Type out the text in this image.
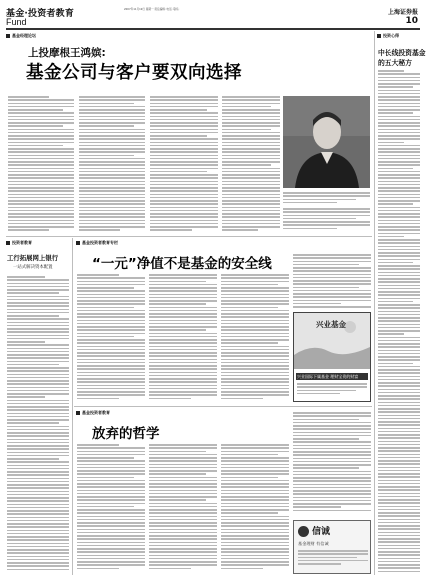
基金·投资者教育
Fund
2007年11月19日 星期一 责任编辑: 电话: 联系:	上海证券报
10
基金经理论坛
上投摩根王鸿嫔:
基金公司与客户要双向选择
投资心得
中长线投资基金
的五大秘方
投资者教育
工行拓展网上银行
一站式解决资本配置
基金投资者教育专栏
“一元”净值不是基金的安全线
兴业基金
兴业国际下属基金 理财宝贵的财富
基金投资者教育
放弃的哲学
信诚
基金理财 有信诚
